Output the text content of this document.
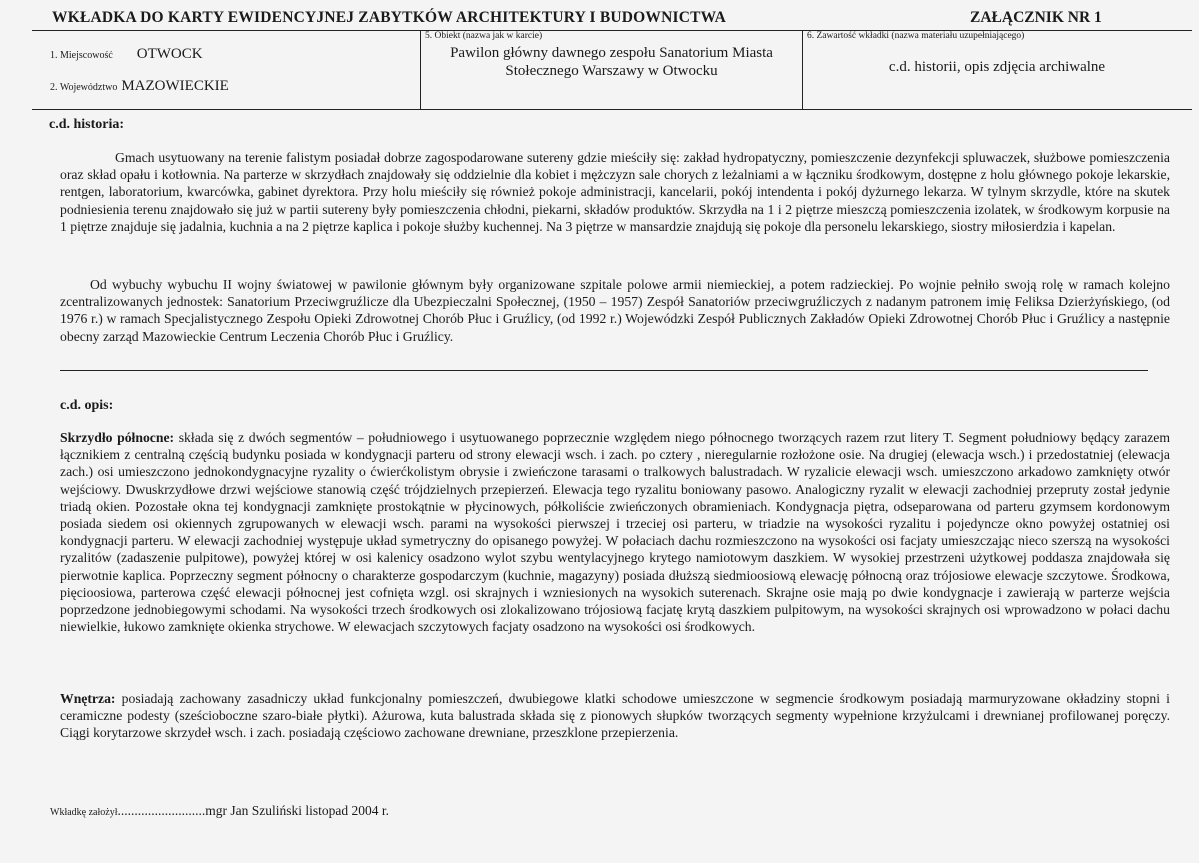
WKŁADKA DO KARTY EWIDENCYJNEJ ZABYTKÓW ARCHITEKTURY I BUDOWNICTWA	ZAŁĄCZNIK NR 1
1. Miejscowość OTWOCK
2. Województwo MAZOWIECKIE
5. Obiekt (nazwa jak w karcie)
Pawilon główny dawnego zespołu Sanatorium Miasta
Stołecznego Warszawy w Otwocku
6. Zawartość wkładki (nazwa materiału uzupełniającego)
c.d. historii, opis zdjęcia archiwalne
c.d. historia:
Gmach usytuowany na terenie falistym posiadał dobrze zagospodarowane sutereny gdzie mieściły się: zakład hydropatyczny, pomieszczenie dezynfekcji spluwaczek, służbowe pomieszczenia oraz skład opału i kotłownia. Na parterze w skrzydłach znajdowały się oddzielnie dla kobiet i mężczyzn sale chorych z leżalniami a w łączniku środkowym, dostępne z holu głównego pokoje lekarskie, rentgen, laboratorium, kwarcówka, gabinet dyrektora. Przy holu mieściły się również pokoje administracji, kancelarii, pokój intendenta i pokój dyżurnego lekarza. W tylnym skrzydle, które na skutek podniesienia terenu znajdowało się już w partii sutereny były pomieszczenia chłodni, piekarni, składów produktów. Skrzydła na 1 i 2 piętrze mieszczą pomieszczenia izolatek, w środkowym korpusie na 1 piętrze znajduje się jadalnia, kuchnia a na 2 piętrze kaplica i pokoje służby kuchennej. Na 3 piętrze w mansardzie znajdują się pokoje dla personelu lekarskiego, siostry miłosierdzia i kapelan.
Od wybuchy wybuchu II wojny światowej w pawilonie głównym były organizowane szpitale polowe armii niemieckiej, a potem radzieckiej. Po wojnie pełniło swoją rolę w ramach kolejno zcentralizowanych jednostek: Sanatorium Przeciwgruźlicze dla Ubezpieczalni Społecznej, (1950 – 1957) Zespół Sanatoriów przeciwgruźliczych z nadanym patronem imię Feliksa Dzierżyńskiego, (od 1976 r.) w ramach Specjalistycznego Zespołu Opieki Zdrowotnej Chorób Płuc i Gruźlicy, (od 1992 r.) Wojewódzki Zespół Publicznych Zakładów Opieki Zdrowotnej Chorób Płuc i Gruźlicy a następnie obecny zarząd Mazowieckie Centrum Leczenia Chorób Płuc i Gruźlicy.
c.d. opis:
Skrzydło północne: składa się z dwóch segmentów – południowego i usytuowanego poprzecznie względem niego północnego tworzących razem rzut litery T. Segment południowy będący zarazem łącznikiem z centralną częścią budynku posiada w kondygnacji parteru od strony elewacji wsch. i zach. po cztery , nieregularnie rozłożone osie. Na drugiej (elewacja wsch.) i przedostatniej (elewacja zach.) osi umieszczono jednokondygnacyjne ryzality o ćwierćkolistym obrysie i zwieńczone tarasami o tralkowych balustradach. W ryzalicie elewacji wsch. umieszczono arkadowo zamknięty otwór wejściowy. Dwuskrzydłowe drzwi wejściowe stanowią część trójdzielnych przepierzeń. Elewacja tego ryzalitu boniowany pasowo. Analogiczny ryzalit w elewacji zachodniej przepruty został jedynie triadą okien. Pozostałe okna tej kondygnacji zamknięte prostokątnie w płycinowych, półkoliście zwieńczonych obramieniach. Kondygnacja piętra, odseparowana od parteru gzymsem kordonowym posiada siedem osi okiennych zgrupowanych w elewacji wsch. parami na wysokości pierwszej i trzeciej osi parteru, w triadzie na wysokości ryzalitu i pojedyncze okno powyżej ostatniej osi kondygnacji parteru. W elewacji zachodniej występuje układ symetryczny do opisanego powyżej. W połaciach dachu rozmieszczono na wysokości osi facjaty umieszczając nieco szerszą na wysokości ryzalitów (zadaszenie pulpitowe), powyżej której w osi kalenicy osadzono wylot szybu wentylacyjnego krytego namiotowym daszkiem. W wysokiej przestrzeni użytkowej poddasza znajdowała się pierwotnie kaplica. Poprzeczny segment północny o charakterze gospodarczym (kuchnie, magazyny) posiada dłuższą siedmioosiową elewację północną oraz trójosiowe elewacje szczytowe. Środkowa, pięcioosiowa, parterowa część elewacji północnej jest cofnięta wzgl. osi skrajnych i wzniesionych na wysokich suterenach. Skrajne osie mają po dwie kondygnacje i zawierają w parterze wejścia poprzedzone jednobiegowymi schodami. Na wysokości trzech środkowych osi zlokalizowano trójosiową facjatę krytą daszkiem pulpitowym, na wysokości skrajnych osi wprowadzono w połaci dachu niewielkie, łukowo zamknięte okienka strychowe. W elewacjach szczytowych facjaty osadzono na wysokości osi środkowych.
Wnętrza: posiadają zachowany zasadniczy układ funkcjonalny pomieszczeń, dwubiegowe klatki schodowe umieszczone w segmencie środkowym posiadają marmuryzowane okładziny stopni i ceramiczne podesty (sześcioboczne szaro-białe płytki). Ażurowa, kuta balustrada składa się z pionowych słupków tworzących segmenty wypełnione krzyżulcami i drewnianej profilowanej poręczy. Ciągi korytarzowe skrzydeł wsch. i zach. posiadają częściowo zachowane drewniane, przeszklone przepierzenia.
Wkładkę założył..........................mgr Jan Szuliński listopad 2004 r.
